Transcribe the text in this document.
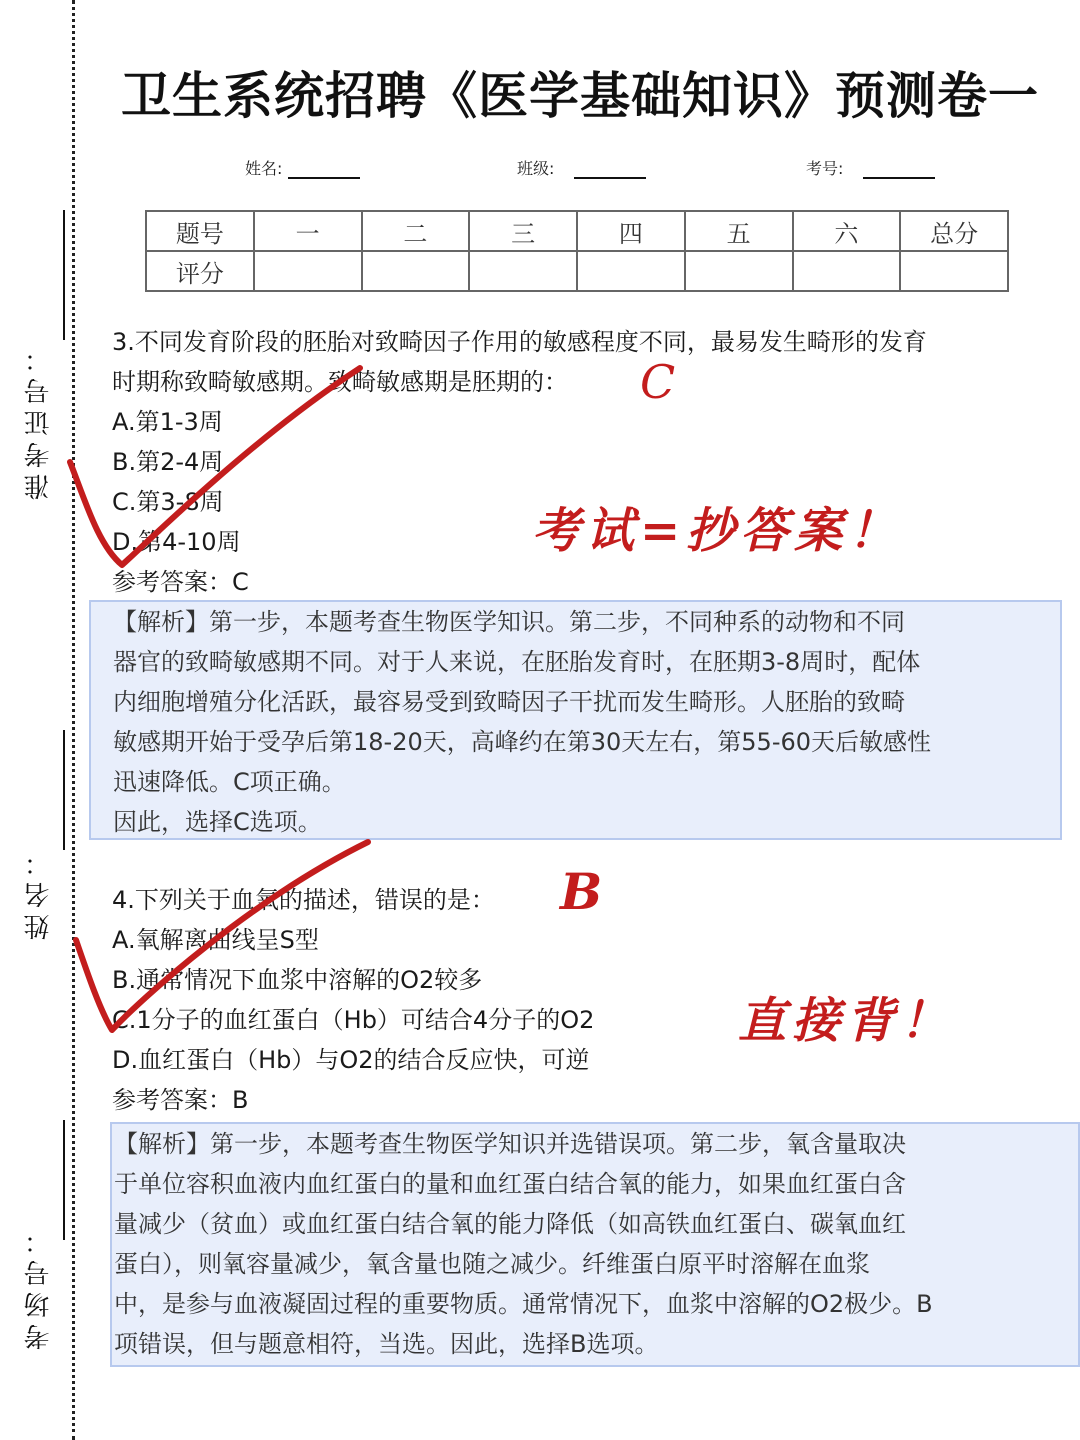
准考证号：
姓名：
考场号：
卫生系统招聘《医学基础知识》预测卷一
姓名:	班级:	考号:
题号	一	二	三	四	五	六	总分
评分							
3.不同发育阶段的胚胎对致畸因子作用的敏感程度不同，最易发生畸形的发育
时期称致畸敏感期。致畸敏感期是胚期的：
A.第1-3周
B.第2-4周
C.第3-8周
D.第4-10周
参考答案：C

【解析】第一步，本题考查生物医学知识。第二步，不同种系的动物和不同

器官的致畸敏感期不同。对于人来说，在胚胎发育时，在胚期3-8周时，配体

内细胞增殖分化活跃，最容易受到致畸因子干扰而发生畸形。人胚胎的致畸

敏感期开始于受孕后第18-20天，高峰约在第30天左右，第55-60天后敏感性

迅速降低。C项正确。

因此，选择C选项。

4.下列关于血氧的描述，错误的是：
A.氧解离曲线呈S型
B.通常情况下血浆中溶解的O2较多
C.1分子的血红蛋白（Hb）可结合4分子的O2
D.血红蛋白（Hb）与O2的结合反应快，可逆
参考答案：B

【解析】第一步，本题考查生物医学知识并选错误项。第二步，氧含量取决

于单位容积血液内血红蛋白的量和血红蛋白结合氧的能力，如果血红蛋白含

量减少（贫血）或血红蛋白结合氧的能力降低（如高铁血红蛋白、碳氧血红

蛋白），则氧容量减少，氧含量也随之减少。纤维蛋白原平时溶解在血浆

中，是参与血液凝固过程的重要物质。通常情况下，血浆中溶解的O2极少。B

项错误，但与题意相符，当选。因此，选择B选项。

C
B
考试=抄答案！
直接背！
